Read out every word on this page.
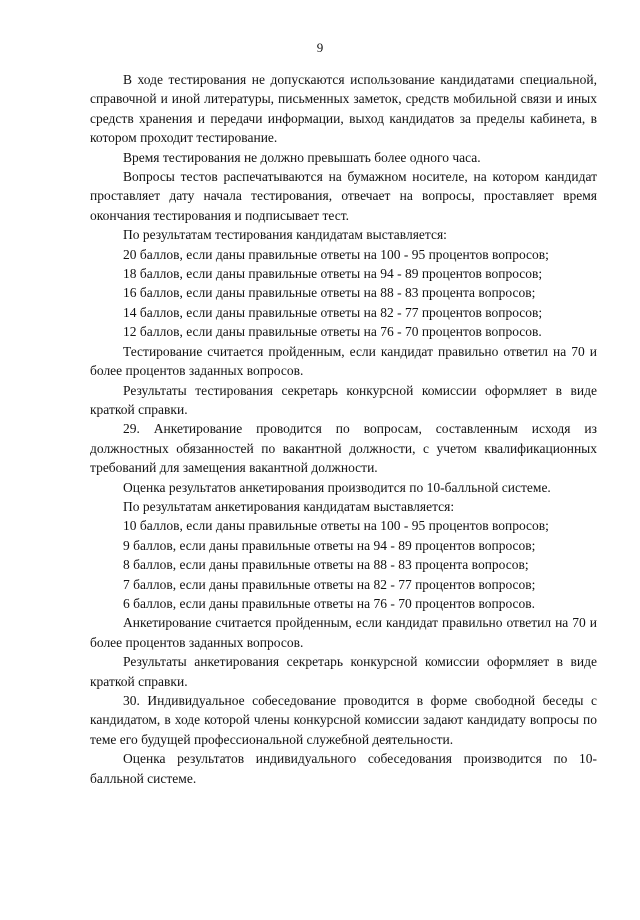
9

В ходе тестирования не допускаются использование кандидатами специальной, справочной и иной литературы, письменных заметок, средств мобильной связи и иных средств хранения и передачи информации, выход кандидатов за пределы кабинета, в котором проходит тестирование.

Время тестирования не должно превышать более одного часа.

Вопросы тестов распечатываются на бумажном носителе, на котором кандидат проставляет дату начала тестирования, отвечает на вопросы, проставляет время окончания тестирования и подписывает тест.

По результатам тестирования кандидатам выставляется:

20 баллов, если даны правильные ответы на 100 - 95 процентов вопросов;

18 баллов, если даны правильные ответы на 94 - 89 процентов вопросов;

16 баллов, если даны правильные ответы на 88 - 83 процента вопросов;

14 баллов, если даны правильные ответы на 82 - 77 процентов вопросов;

12 баллов, если даны правильные ответы на 76 - 70 процентов вопросов.

Тестирование считается пройденным, если кандидат правильно ответил на 70 и более процентов заданных вопросов.

Результаты тестирования секретарь конкурсной комиссии оформляет в виде краткой справки.

29. Анкетирование проводится по вопросам, составленным исходя из должностных обязанностей по вакантной должности, с учетом квалификационных требований для замещения вакантной должности.

Оценка результатов анкетирования производится по 10-балльной системе.

По результатам анкетирования кандидатам выставляется:

10 баллов, если даны правильные ответы на 100 - 95 процентов вопросов;

9 баллов, если даны правильные ответы на 94 - 89 процентов вопросов;

8 баллов, если даны правильные ответы на 88 - 83 процента вопросов;

7 баллов, если даны правильные ответы на 82 - 77 процентов вопросов;

6 баллов, если даны правильные ответы на 76 - 70 процентов вопросов.

Анкетирование считается пройденным, если кандидат правильно ответил на 70 и более процентов заданных вопросов.

Результаты анкетирования секретарь конкурсной комиссии оформляет в виде краткой справки.

30. Индивидуальное собеседование проводится в форме свободной беседы с кандидатом, в ходе которой члены конкурсной комиссии задают кандидату вопросы по теме его будущей профессиональной служебной деятельности.

Оценка результатов индивидуального собеседования производится по 10-балльной системе.
